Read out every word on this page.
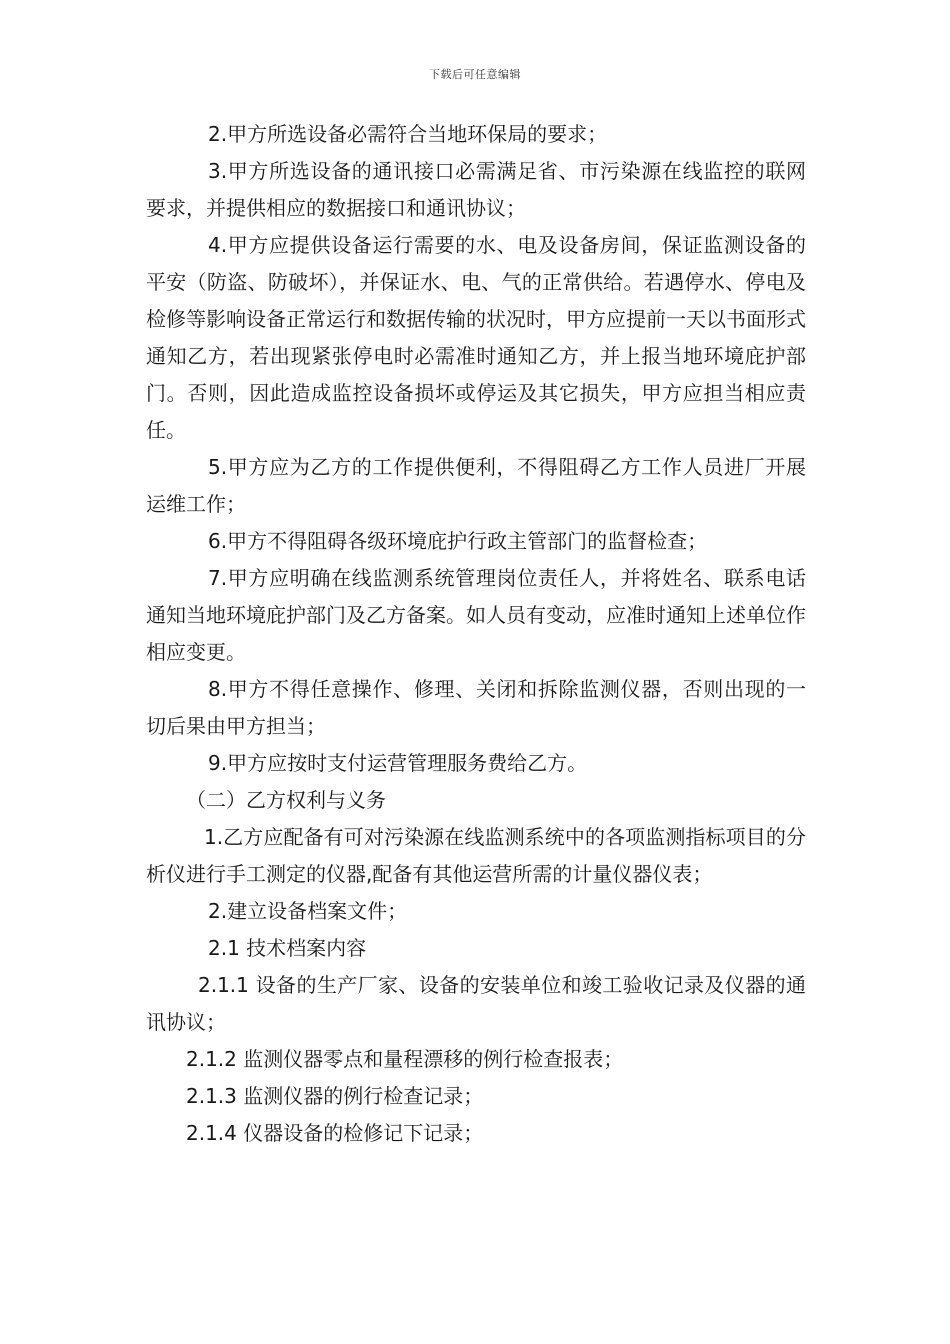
下载后可任意编辑

2.甲方所选设备必需符合当地环保局的要求；

3.甲方所选设备的通讯接口必需满足省、市污染源在线监控的联网要求，并提供相应的数据接口和通讯协议；

4.甲方应提供设备运行需要的水、电及设备房间，保证监测设备的平安（防盗、防破坏），并保证水、电、气的正常供给。若遇停水、停电及检修等影响设备正常运行和数据传输的状况时，甲方应提前一天以书面形式通知乙方，若出现紧张停电时必需准时通知乙方，并上报当地环境庇护部门。否则，因此造成监控设备损坏或停运及其它损失，甲方应担当相应责任。

5.甲方应为乙方的工作提供便利，不得阻碍乙方工作人员进厂开展运维工作；

6.甲方不得阻碍各级环境庇护行政主管部门的监督检查；

7.甲方应明确在线监测系统管理岗位责任人，并将姓名、联系电话通知当地环境庇护部门及乙方备案。如人员有变动，应准时通知上述单位作相应变更。

8.甲方不得任意操作、修理、关闭和拆除监测仪器，否则出现的一切后果由甲方担当；

9.甲方应按时支付运营管理服务费给乙方。

（二）乙方权利与义务

1.乙方应配备有可对污染源在线监测系统中的各项监测指标项目的分析仪进行手工测定的仪器,配备有其他运营所需的计量仪器仪表；

2.建立设备档案文件；

2.1 技术档案内容

2.1.1 设备的生产厂家、设备的安装单位和竣工验收记录及仪器的通讯协议；

2.1.2 监测仪器零点和量程漂移的例行检查报表；

2.1.3 监测仪器的例行检查记录；

2.1.4 仪器设备的检修记下记录；
